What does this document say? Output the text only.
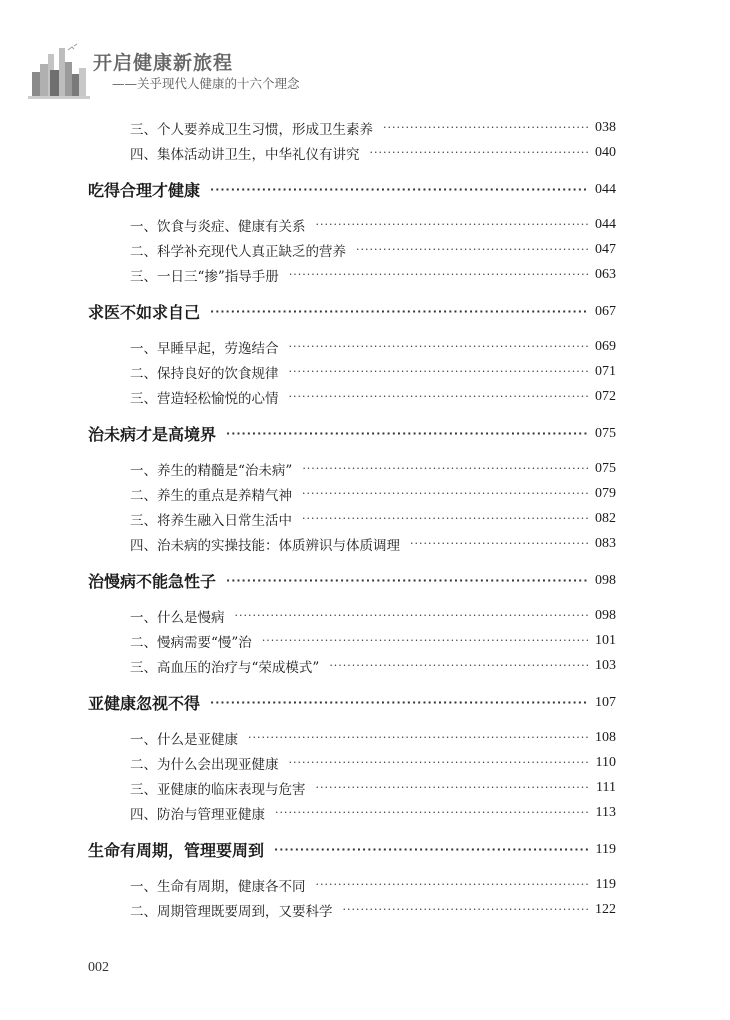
开启健康新旅程
——关乎现代人健康的十六个理念
三、个人要养成卫生习惯，形成卫生素养 ·····	038
四、集体活动讲卫生，中华礼仪有讲究 ·····	040
吃得合理才健康 ·····	044
一、饮食与炎症、健康有关系 ·····	044
二、科学补充现代人真正缺乏的营养 ·····	047
三、一日三“掺”指导手册 ·····	063
求医不如求自己 ·····	067
一、早睡早起，劳逸结合 ·····	069
二、保持良好的饮食规律 ·····	071
三、营造轻松愉悦的心情 ·····	072
治未病才是高境界 ·····	075
一、养生的精髓是“治未病” ·····	075
二、养生的重点是养精气神 ·····	079
三、将养生融入日常生活中 ·····	082
四、治未病的实操技能：体质辨识与体质调理 ·····	083
治慢病不能急性子 ·····	098
一、什么是慢病 ·····	098
二、慢病需要“慢”治 ·····	101
三、高血压的治疗与“荣成模式” ·····	103
亚健康忽视不得 ·····	107
一、什么是亚健康 ·····	108
二、为什么会出现亚健康 ·····	110
三、亚健康的临床表现与危害 ·····	111
四、防治与管理亚健康 ·····	113
生命有周期，管理要周到 ·····	119
一、生命有周期，健康各不同 ·····	119
二、周期管理既要周到，又要科学 ·····	122
002
